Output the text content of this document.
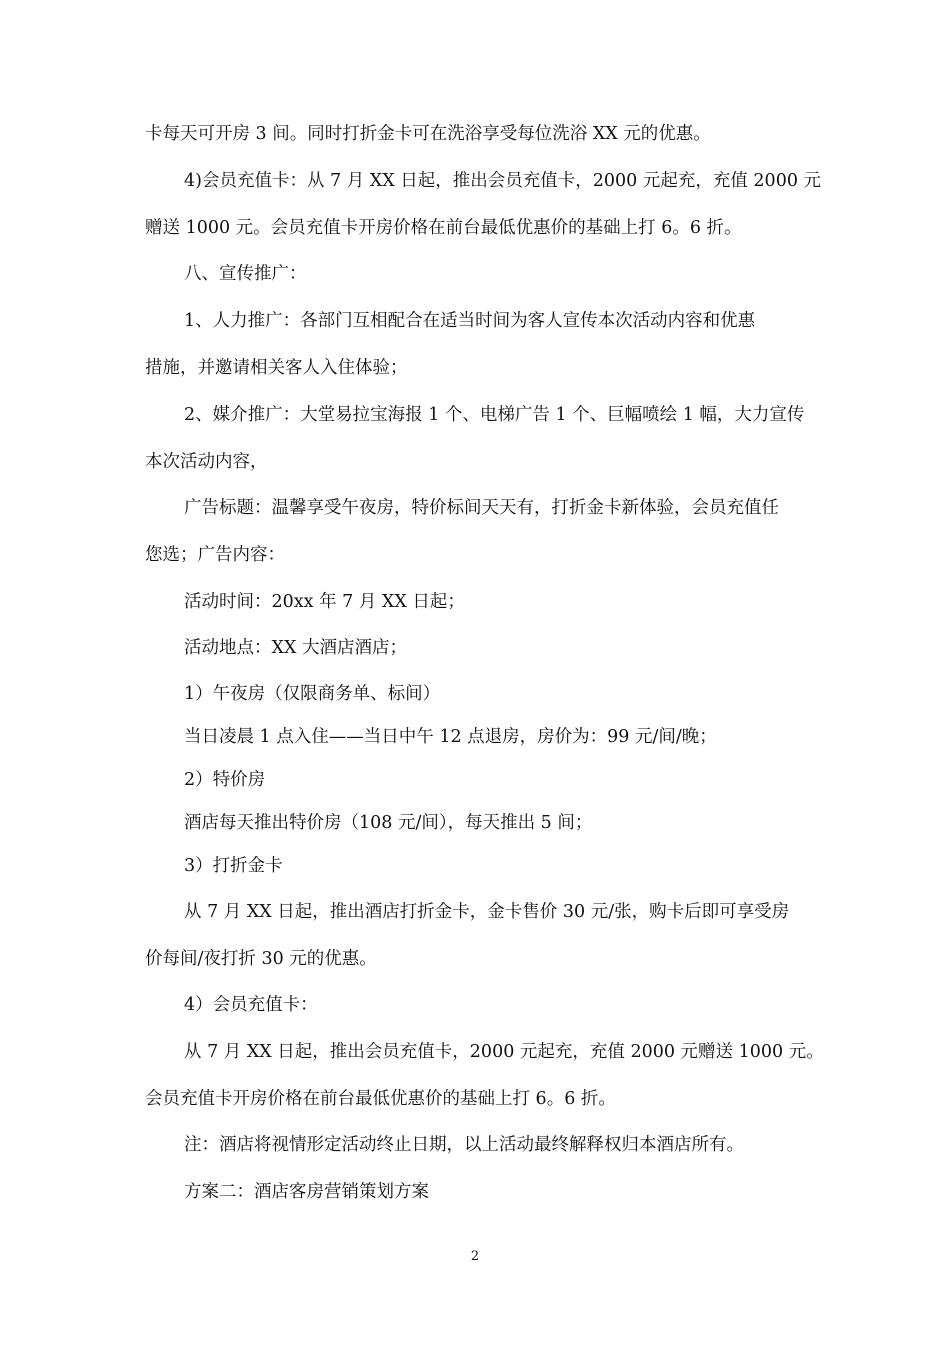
卡每天可开房 3 间。同时打折金卡可在洗浴享受每位洗浴 XX 元的优惠。
4)会员充值卡：从 7 月 XX 日起，推出会员充值卡，2000 元起充，充值 2000 元
赠送 1000 元。会员充值卡开房价格在前台最低优惠价的基础上打 6。6 折。
八、宣传推广：
1、人力推广：各部门互相配合在适当时间为客人宣传本次活动内容和优惠
措施，并邀请相关客人入住体验；
2、媒介推广：大堂易拉宝海报 1 个、电梯广告 1 个、巨幅喷绘 1 幅，大力宣传
本次活动内容，
广告标题：温馨享受午夜房，特价标间天天有，打折金卡新体验，会员充值任
您选；广告内容：
活动时间：20xx 年 7 月 XX 日起；
活动地点：XX 大酒店酒店；
1）午夜房（仅限商务单、标间）
当日凌晨 1 点入住——当日中午 12 点退房，房价为：99 元/间/晚；
2）特价房
酒店每天推出特价房（108 元/间），每天推出 5 间；
3）打折金卡
从 7 月 XX 日起，推出酒店打折金卡，金卡售价 30 元/张，购卡后即可享受房
价每间/夜打折 30 元的优惠。
4）会员充值卡：
从 7 月 XX 日起，推出会员充值卡，2000 元起充，充值 2000 元赠送 1000 元。
会员充值卡开房价格在前台最低优惠价的基础上打 6。6 折。
注：酒店将视情形定活动终止日期，以上活动最终解释权归本酒店所有。
方案二：酒店客房营销策划方案
2
